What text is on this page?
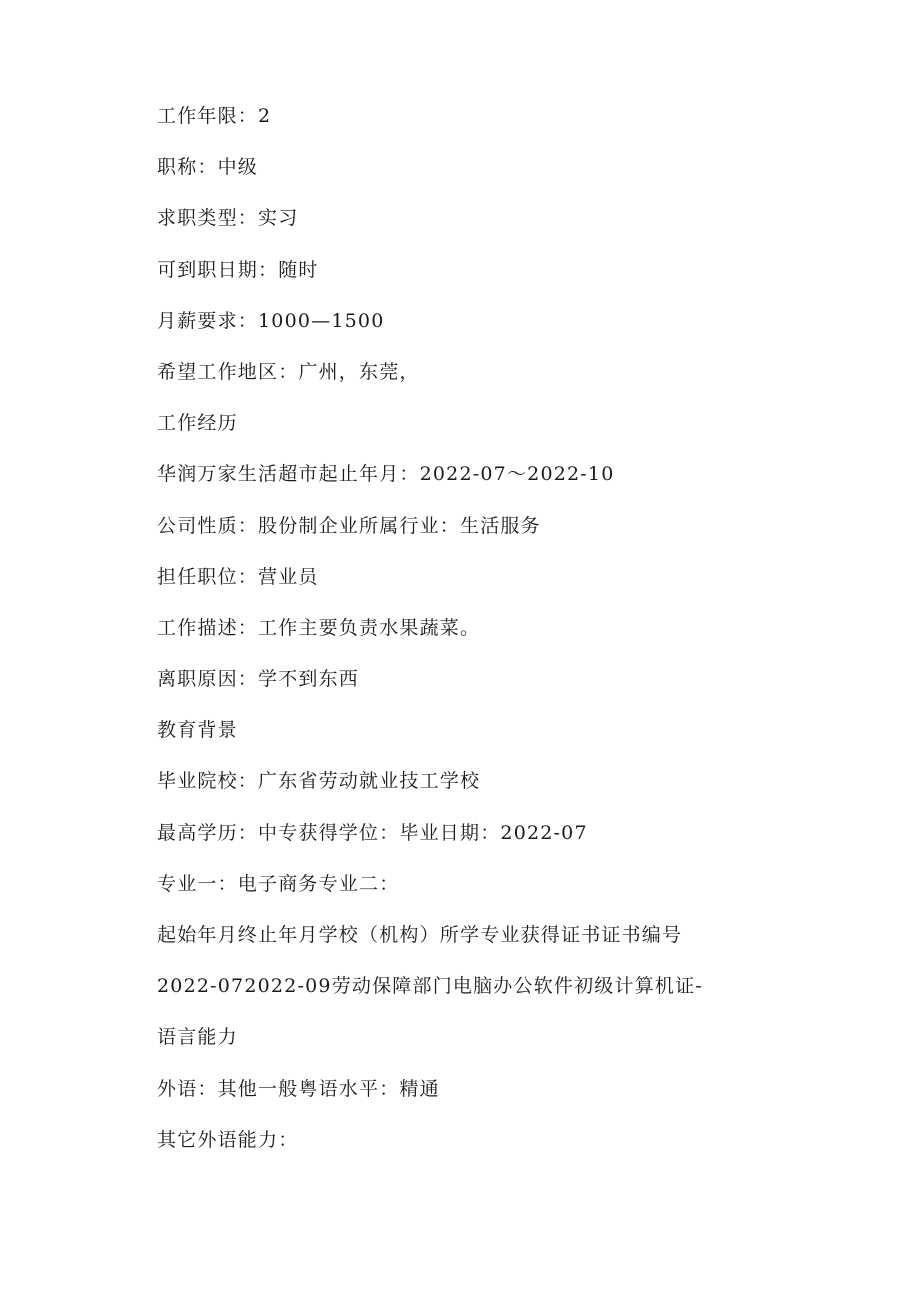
工作年限：2
职称：中级
求职类型：实习
可到职日期：随时
月薪要求：1000—1500
希望工作地区：广州，东莞，
工作经历
华润万家生活超市起止年月：2022-07～2022-10
公司性质：股份制企业所属行业：生活服务
担任职位：营业员
工作描述：工作主要负责水果蔬菜。
离职原因：学不到东西
教育背景
毕业院校：广东省劳动就业技工学校
最高学历：中专获得学位：毕业日期：2022-07
专业一：电子商务专业二：
起始年月终止年月学校（机构）所学专业获得证书证书编号
2022-072022-09劳动保障部门电脑办公软件初级计算机证-
语言能力
外语：其他一般粤语水平：精通
其它外语能力：
